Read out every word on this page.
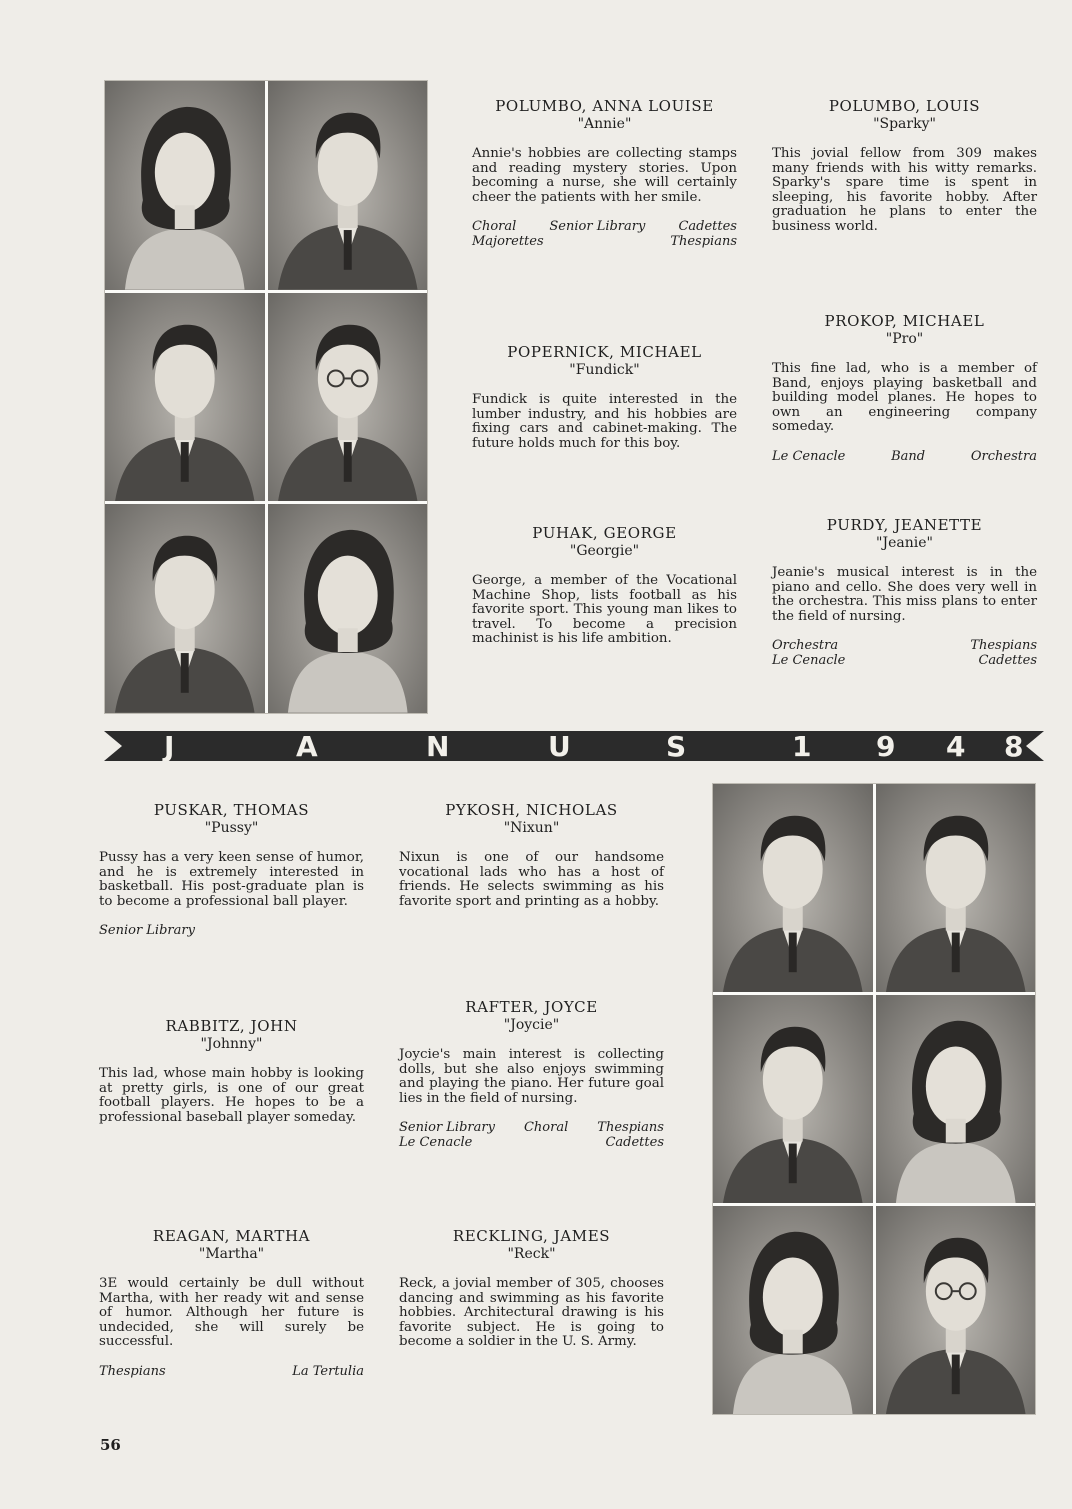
POLUMBO, ANNA LOUISE
"Annie"
Annie's hobbies are collecting stamps and reading mystery stories. Upon becoming a nurse, she will certainly cheer the patients with her smile.
Choral	Senior Library	Cadettes
Majorettes	Thespians
POLUMBO, LOUIS
"Sparky"
This jovial fellow from 309 makes many friends with his witty remarks. Sparky's spare time is spent in sleeping, his favorite hobby. After graduation he plans to enter the business world.
POPERNICK, MICHAEL
"Fundick"
Fundick is quite interested in the lumber industry, and his hobbies are fixing cars and cabinet-making. The future holds much for this boy.
PROKOP, MICHAEL
"Pro"
This fine lad, who is a member of Band, enjoys playing basketball and building model planes. He hopes to own an engineering company someday.
Le Cenacle	Band	Orchestra
PUHAK, GEORGE
"Georgie"
George, a member of the Vocational Machine Shop, lists football as his favorite sport. This young man likes to travel. To become a precision machinist is his life ambition.
PURDY, JEANETTE
"Jeanie"
Jeanie's musical interest is in the piano and cello. She does very well in the orchestra. This miss plans to enter the field of nursing.
Orchestra	Thespians
Le Cenacle	Cadettes
J	A	N	U	S	1 9 4 8
PUSKAR, THOMAS
"Pussy"
Pussy has a very keen sense of humor, and he is extremely interested in basketball. His post-graduate plan is to become a professional ball player.
Senior Library
PYKOSH, NICHOLAS
"Nixun"
Nixun is one of our handsome vocational lads who has a host of friends. He selects swimming as his favorite sport and printing as a hobby.
RABBITZ, JOHN
"Johnny"
This lad, whose main hobby is looking at pretty girls, is one of our great football players. He hopes to be a professional baseball player someday.
RAFTER, JOYCE
"Joycie"
Joycie's main interest is collecting dolls, but she also enjoys swimming and playing the piano. Her future goal lies in the field of nursing.
Senior Library Choral Thespians
Le Cenacle	Cadettes
REAGAN, MARTHA
"Martha"
3E would certainly be dull without Martha, with her ready wit and sense of humor. Although her future is undecided, she will surely be successful.
Thespians	La Tertulia
RECKLING, JAMES
"Reck"
Reck, a jovial member of 305, chooses dancing and swimming as his favorite hobbies. Architectural drawing is his favorite subject. He is going to become a soldier in the U. S. Army.
56
